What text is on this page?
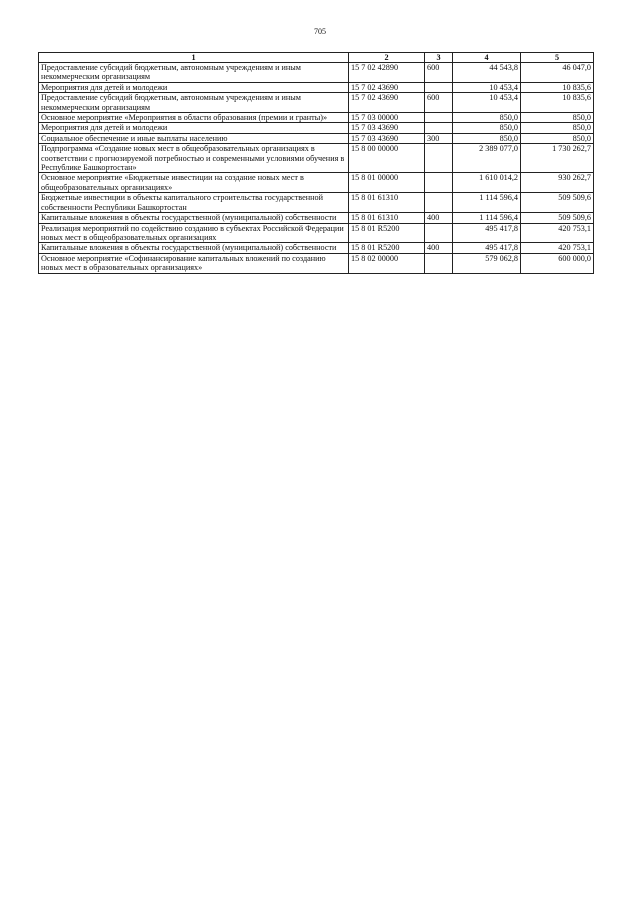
705
1	2	3	4	5
Предоставление субсидий бюджетным, автономным учреждениям и иным некоммерческим организациям	15 7 02 42890	600	44 543,8	46 047,0
Мероприятия для детей и молодежи	15 7 02 43690		10 453,4	10 835,6
Предоставление субсидий бюджетным, автономным учреждениям и иным некоммерческим организациям	15 7 02 43690	600	10 453,4	10 835,6
Основное мероприятие «Мероприятия в области образования (премии и гранты)»	15 7 03 00000		850,0	850,0
Мероприятия для детей и молодежи	15 7 03 43690		850,0	850,0
Социальное обеспечение и иные выплаты населению	15 7 03 43690	300	850,0	850,0
Подпрограмма «Создание новых мест в общеобразовательных организациях в соответствии с прогнозируемой потребностью и современными условиями обучения в Республике Башкортостан»	15 8 00 00000		2 389 077,0	1 730 262,7
Основное мероприятие «Бюджетные инвестиции на создание новых мест в общеобразовательных организациях»	15 8 01 00000		1 610 014,2	930 262,7
Бюджетные инвестиции в объекты капитального строительства государственной собственности Республики Башкортостан	15 8 01 61310		1 114 596,4	509 509,6
Капитальные вложения в объекты государственной (муниципальной) собственности	15 8 01 61310	400	1 114 596,4	509 509,6
Реализация мероприятий по содействию созданию в субъектах Российской Федерации новых мест в общеобразовательных организациях	15 8 01 R5200		495 417,8	420 753,1
Капитальные вложения в объекты государственной (муниципальной) собственности	15 8 01 R5200	400	495 417,8	420 753,1
Основное мероприятие «Софинансирование капитальных вложений по созданию новых мест в образовательных организациях»	15 8 02 00000		579 062,8	600 000,0
